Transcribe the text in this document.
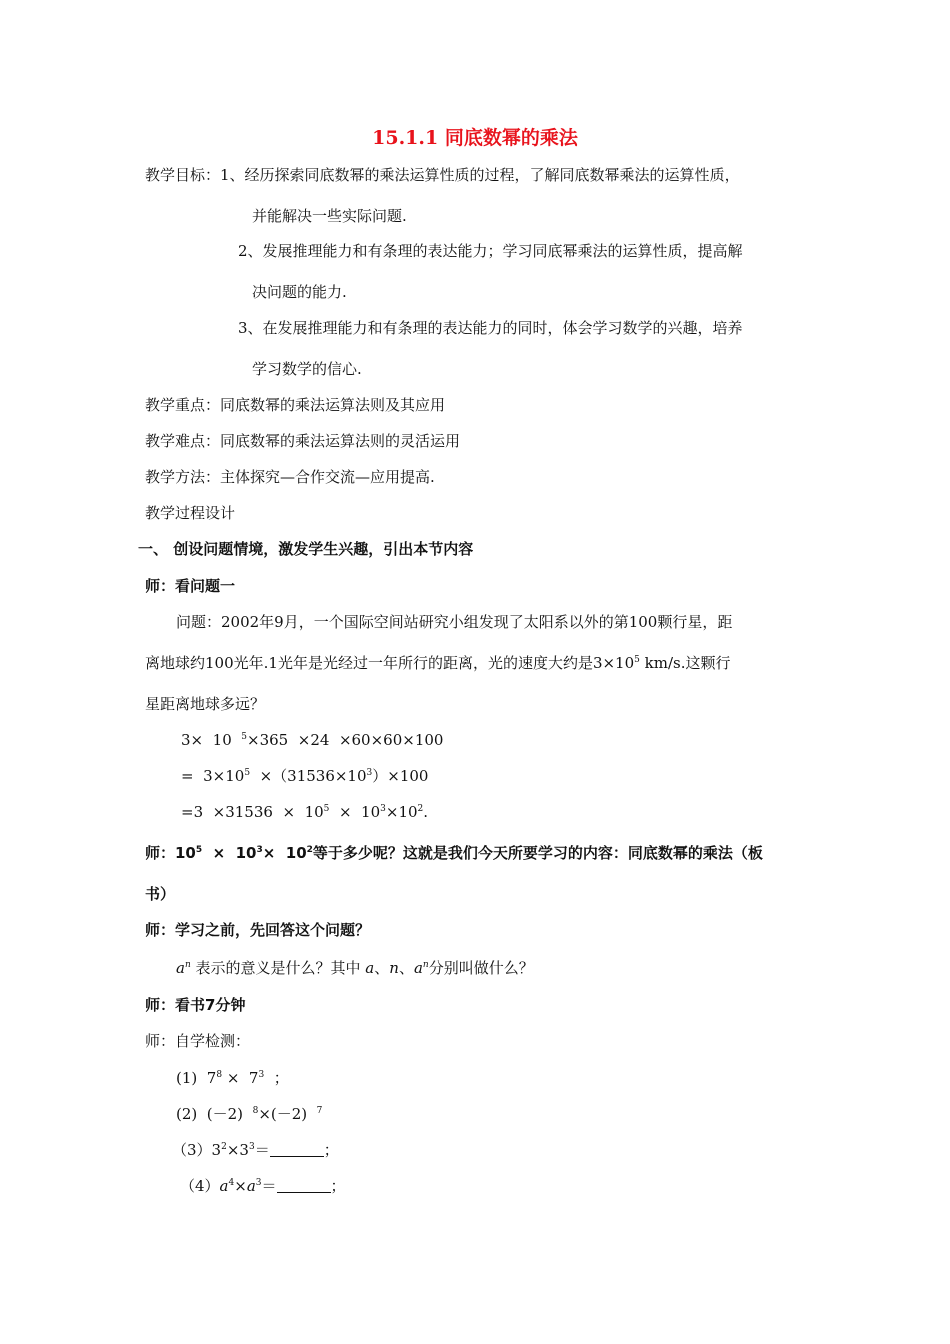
15.1.1 同底数幂的乘法
教学目标：1、经历探索同底数幂的乘法运算性质的过程，了解同底数幂乘法的运算性质，
并能解决一些实际问题.
2、发展推理能力和有条理的表达能力；学习同底幂乘法的运算性质，提高解
决问题的能力.
3、在发展推理能力和有条理的表达能力的同时，体会学习数学的兴趣，培养
学习数学的信心.
教学重点：同底数幂的乘法运算法则及其应用
教学难点：同底数幂的乘法运算法则的灵活运用
教学方法：主体探究—合作交流—应用提高.
教学过程设计
一、 创设问题情境，激发学生兴趣，引出本节内容
师：看问题一
问题：2002年9月，一个国际空间站研究小组发现了太阳系以外的第100颗行星，距
离地球约100光年.1光年是光经过一年所行的距离，光的速度大约是$3\times 10^5$ km/s.这颗行
星距离地球多远？
3×  10  $^5$×365  ×24  ×60×60×100
=  $3\times 10^5 \times(31536\times 10^3)\times 100$
$=3 \times 31536 \times 10^5 \times 10^3\times 10^2$.
师：$10^5 \times 10^3\times 10^2$等于多少呢？这就是我们今天所要学习的内容：同底数幂的乘法（板
书）
师：学习之前，先回答这个问题？
$a^n$ 表示的意义是什么？其中 a、n、$a^n$分别叫做什么？
师：看书7分钟
师：自学检测：
(1)  $7^8 \times 7^3$  ；
(2)  (－2)  $^8$×(－2)  $^7$
$(3)3^2\times 3^3=$	；
$(4)a^4\times a^3=$	；
